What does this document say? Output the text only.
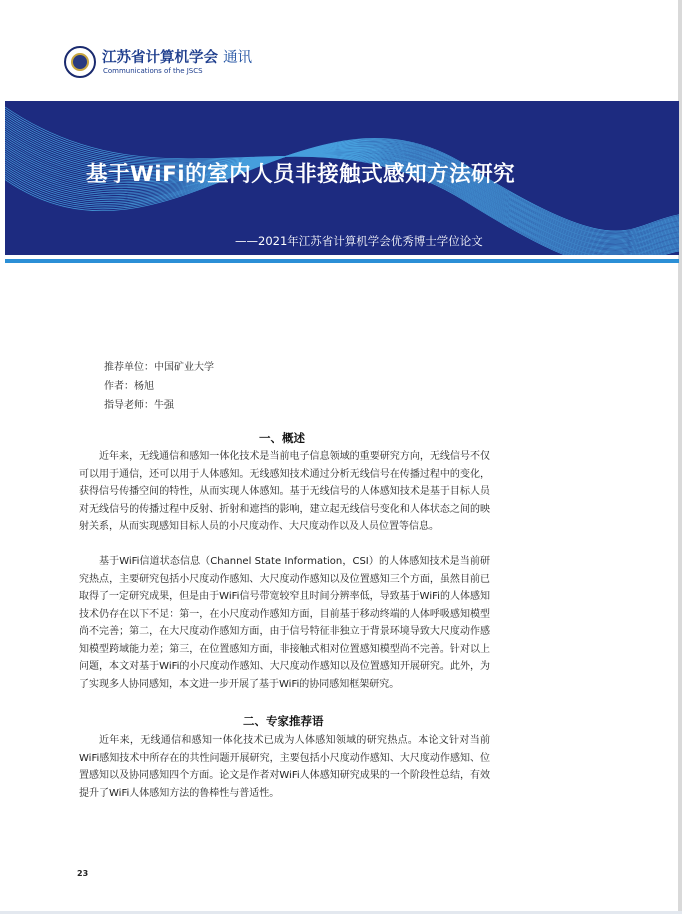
江苏省计算机学会 通讯
Communications of the JSCS
基于WiFi的室内人员非接触式感知方法研究
——2021年江苏省计算机学会优秀博士学位论文
推荐单位：中国矿业大学
作者：杨旭
指导老师：牛强
一、概述

近年来，无线通信和感知一体化技术是当前电子信息领域的重要研究方向，无线信号不仅可以用于通信，还可以用于人体感知。无线感知技术通过分析无线信号在传播过程中的变化，获得信号传播空间的特性，从而实现人体感知。基于无线信号的人体感知技术是基于目标人员对无线信号的传播过程中反射、折射和遮挡的影响，建立起无线信号变化和人体状态之间的映射关系，从而实现感知目标人员的小尺度动作、大尺度动作以及人员位置等信息。

基于WiFi信道状态信息（Channel State Information，CSI）的人体感知技术是当前研究热点，主要研究包括小尺度动作感知、大尺度动作感知以及位置感知三个方面，虽然目前已取得了一定研究成果，但是由于WiFi信号带宽较窄且时间分辨率低，导致基于WiFi的人体感知技术仍存在以下不足：第一，在小尺度动作感知方面，目前基于移动终端的人体呼吸感知模型尚不完善；第二，在大尺度动作感知方面，由于信号特征非独立于背景环境导致大尺度动作感知模型跨域能力差；第三，在位置感知方面，非接触式相对位置感知模型尚不完善。针对以上问题，本文对基于WiFi的小尺度动作感知、大尺度动作感知以及位置感知开展研究。此外，为了实现多人协同感知，本文进一步开展了基于WiFi的协同感知框架研究。

二、专家推荐语

近年来，无线通信和感知一体化技术已成为人体感知领域的研究热点。本论文针对当前WiFi感知技术中所存在的共性问题开展研究，主要包括小尺度动作感知、大尺度动作感知、位置感知以及协同感知四个方面。论文是作者对WiFi人体感知研究成果的一个阶段性总结，有效提升了WiFi人体感知方法的鲁棒性与普适性。

23
